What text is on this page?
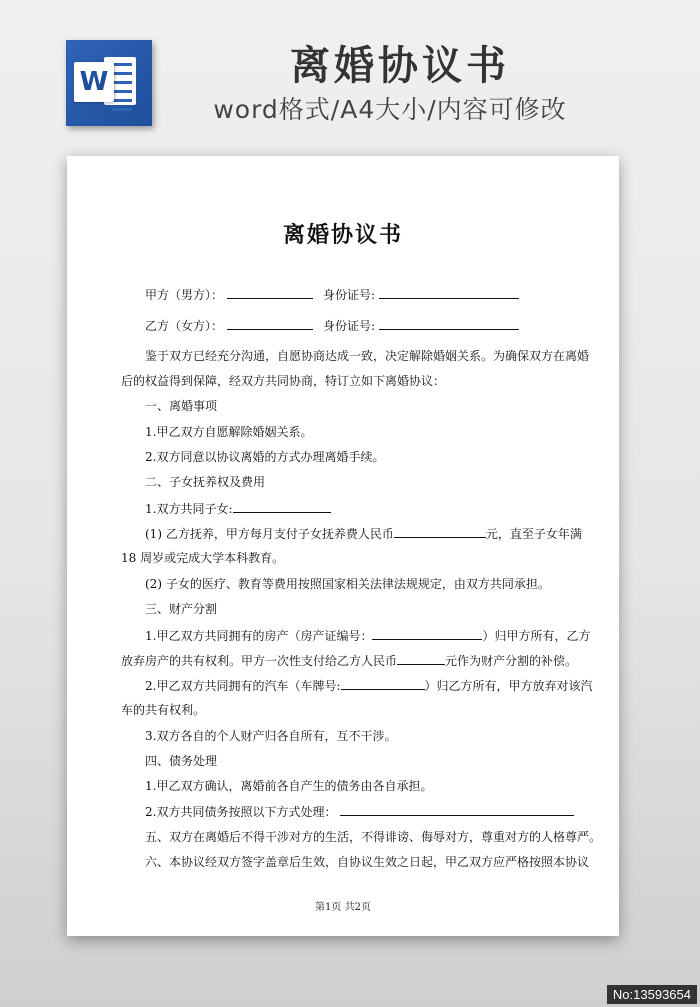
W	离婚协议书
word格式/A4大小/内容可修改
离婚协议书
甲方（男方）：	身份证号:
乙方（女方）：	身份证号:
鉴于双方已经充分沟通，自愿协商达成一致，决定解除婚姻关系。为确保双方在离婚
后的权益得到保障，经双方共同协商，特订立如下离婚协议：
一、离婚事项
1.甲乙双方自愿解除婚姻关系。
2.双方同意以协议离婚的方式办理离婚手续。
二、子女抚养权及费用
1.双方共同子女:
(1) 乙方抚养，甲方每月支付子女抚养费人民币	元，直至子女年满
18 周岁或完成大学本科教育。
(2) 子女的医疗、教育等费用按照国家相关法律法规规定，由双方共同承担。
三、财产分割
1.甲乙双方共同拥有的房产（房产证编号：	）归甲方所有，乙方
放弃房产的共有权利。甲方一次性支付给乙方人民币	元作为财产分割的补偿。
2.甲乙双方共同拥有的汽车（车牌号:	）归乙方所有，甲方放弃对该汽
车的共有权利。
3.双方各自的个人财产归各自所有，互不干涉。
四、债务处理
1.甲乙双方确认，离婚前各自产生的债务由各自承担。
2.双方共同债务按照以下方式处理：
五、双方在离婚后不得干涉对方的生活，不得诽谤、侮辱对方，尊重对方的人格尊严。
六、本协议经双方签字盖章后生效，自协议生效之日起，甲乙双方应严格按照本协议
第1页 共2页
No:13593654
